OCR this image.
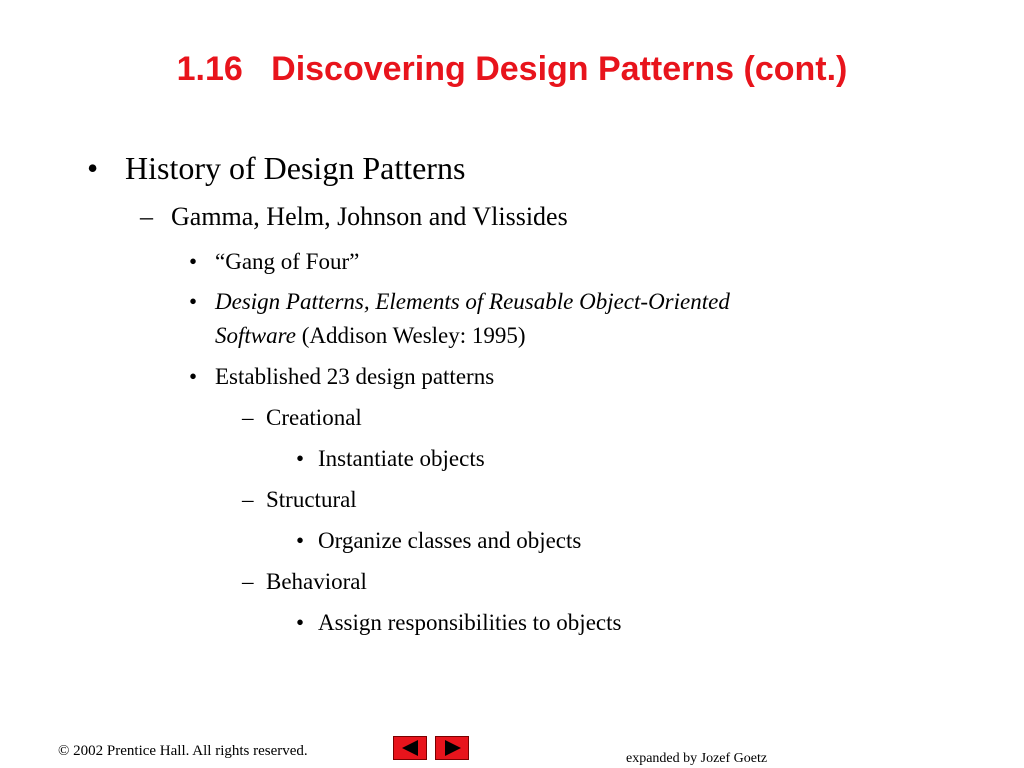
1.16   Discovering Design Patterns (cont.)
• History of Design Patterns
– Gamma, Helm, Johnson and Vlissides
• “Gang of Four”
• Design Patterns, Elements of Reusable Object-Oriented
Software (Addison Wesley: 1995)
• Established 23 design patterns
– Creational
• Instantiate objects
– Structural
• Organize classes and objects
– Behavioral
• Assign responsibilities to objects
© 2002 Prentice Hall. All rights reserved.	expanded by Jozef Goetz
